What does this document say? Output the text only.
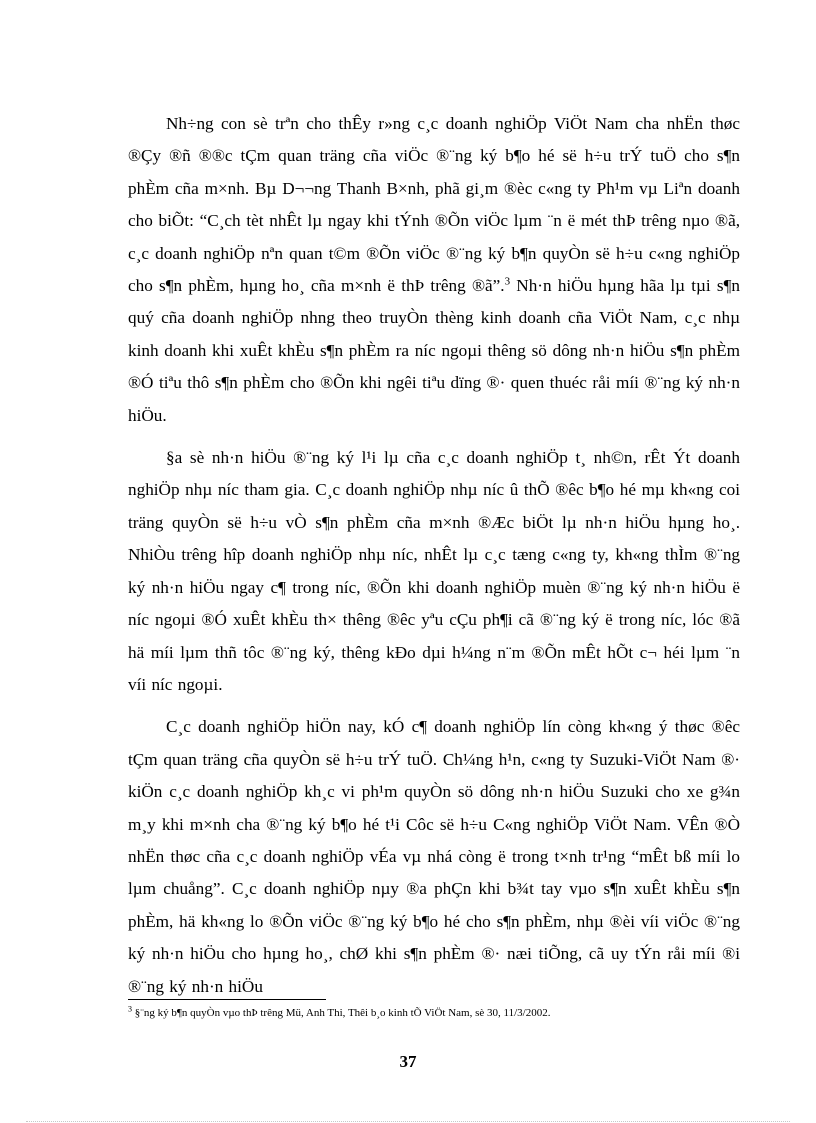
Nh÷ng con sè trªn cho thÊy r»ng c¸c doanh nghiÖp ViÖt Nam cha nhËn thøc ®Çy ®ñ ®®c tÇm quan träng cña viÖc ®¨ng ký b¶o hé së h÷u trÝ tuÖ cho s¶n phÈm cña m×nh. Bµ D¬¬ng Thanh B×nh, phã gi¸m ®èc c«ng ty Ph¹m vµ Liªn doanh cho biÕt: “C¸ch tèt nhÊt lµ ngay khi tÝnh ®Õn viÖc lµm ¨n ë mét thÞ trêng nµo ®ã, c¸c doanh nghiÖp nªn quan t©m ®Õn viÖc ®¨ng ký b¶n quyÒn së h÷u c«ng nghiÖp cho s¶n phÈm, hµng ho¸ cña m×nh ë thÞ trêng ®ã”.$^3$ Nh·n hiÖu hµng hãa lµ tµi s¶n quý cña doanh nghiÖp nhng theo truyÒn thèng kinh doanh cña ViÖt Nam, c¸c nhµ kinh doanh khi xuÊt khÈu s¶n phÈm ra níc ngoµi thêng sö dông nh·n hiÖu s¶n phÈm ®Ó tiªu thô s¶n phÈm cho ®Õn khi ngêi tiªu dïng ®· quen thuéc råi míi ®¨ng ký nh·n hiÖu.

§a sè nh·n hiÖu ®¨ng ký l¹i lµ cña c¸c doanh nghiÖp t¸ nh©n, rÊt Ýt doanh nghiÖp nhµ níc tham gia. C¸c doanh nghiÖp nhµ níc û thÕ ®êc b¶o hé mµ kh«ng coi träng quyÒn së h÷u vÒ s¶n phÈm cña m×nh ®Æc biÖt lµ nh·n hiÖu hµng ho¸. NhiÒu trêng hîp doanh nghiÖp nhµ níc, nhÊt lµ c¸c tæng c«ng ty, kh«ng thÌm ®¨ng ký nh·n hiÖu ngay c¶ trong níc, ®Õn khi doanh nghiÖp muèn ®¨ng ký nh·n hiÖu ë níc ngoµi ®Ó xuÊt khÈu th× thêng ®êc yªu cÇu ph¶i cã ®¨ng ký ë trong níc, lóc ®ã hä míi lµm thñ tôc ®¨ng ký, thêng kÐo dµi h¼ng n¨m ®Õn mÊt hÕt c¬ héi lµm ¨n víi níc ngoµi.

C¸c doanh nghiÖp hiÖn nay, kÓ c¶ doanh nghiÖp lín còng kh«ng ý thøc ®êc tÇm quan träng cña quyÒn së h÷u trÝ tuÖ. Ch¼ng h¹n, c«ng ty Suzuki-ViÖt Nam ®· kiÖn c¸c doanh nghiÖp kh¸c vi ph¹m quyÒn sö dông nh·n hiÖu Suzuki cho xe g¾n m¸y khi m×nh cha ®¨ng ký b¶o hé t¹i Côc së h÷u C«ng nghiÖp ViÖt Nam. VÊn ®Ò nhËn thøc cña c¸c doanh nghiÖp vÉa vµ nhá còng ë trong t×nh tr¹ng “mÊt bß míi lo lµm chuång”. C¸c doanh nghiÖp nµy ®a phÇn khi b¾t tay vµo s¶n xuÊt khÈu s¶n phÈm, hä kh«ng lo ®Õn viÖc ®¨ng ký b¶o hé cho s¶n phÈm, nhµ ®èi víi viÖc ®¨ng ký nh·n hiÖu cho hµng ho¸, chØ khi s¶n phÈm ®· næi tiÕng, cã uy tÝn råi míi ®i ®¨ng ký nh·n hiÖu

$^3$ §¨ng ký b¶n quyÒn vµo thÞ trêng Mü, Anh Thi, Thêi b¸o kinh tÕ ViÖt Nam, sè 30, 11/3/2002.
37
